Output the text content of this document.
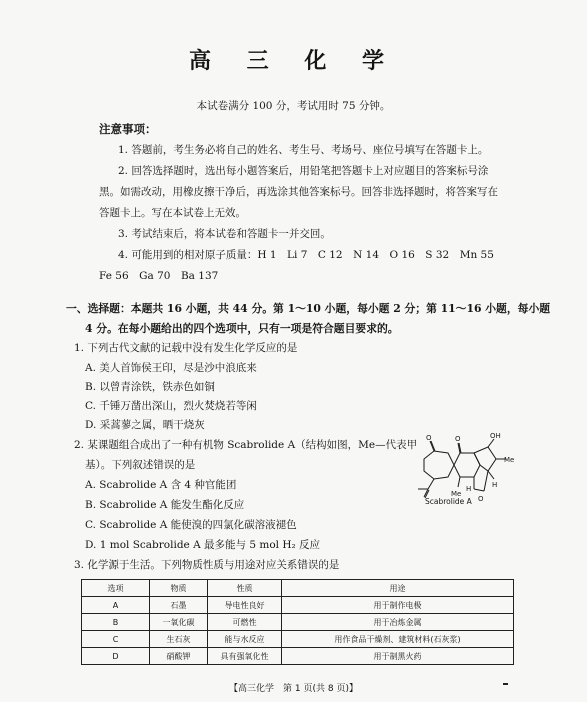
高 三 化 学
本试卷满分 100 分，考试用时 75 分钟。
注意事项：
1. 答题前，考生务必将自己的姓名、考生号、考场号、座位号填写在答题卡上。
2. 回答选择题时，选出每小题答案后，用铅笔把答题卡上对应题目的答案标号涂
黑。如需改动，用橡皮擦干净后，再选涂其他答案标号。回答非选择题时，将答案写在
答题卡上。写在本试卷上无效。
3. 考试结束后，将本试卷和答题卡一并交回。
4. 可能用到的相对原子质量：H 1　Li 7　C 12　N 14　O 16　S 32　Mn 55
Fe 56　Ga 70　Ba 137
一、选择题：本题共 16 小题，共 44 分。第 1～10 小题，每小题 2 分；第 11～16 小题，每小题
4 分。在每小题给出的四个选项中，只有一项是符合题目要求的。
1. 下列古代文献的记载中没有发生化学反应的是
A. 美人首饰侯王印，尽是沙中浪底来
B. 以曾青涂铁，铁赤色如铜
C. 千锤万凿出深山，烈火焚烧若等闲
D. 采蒿蓼之属，晒干烧灰
2. 某课题组合成出了一种有机物 Scabrolide A（结构如图，Me—代表甲
基）。下列叙述错误的是
A. Scabrolide A 含 4 种官能团
B. Scabrolide A 能发生酯化反应
C. Scabrolide A 能使溴的四氯化碳溶液褪色
D. 1 mol Scabrolide A 最多能与 5 mol H₂ 反应
O	O	OH
Me
Me
H	H
O
Scabrolide A
3. 化学源于生活。下列物质性质与用途对应关系错误的是
选项	物质	性质	用途
A	石墨	导电性良好	用于制作电极
B	一氧化碳	可燃性	用于冶炼金属
C	生石灰	能与水反应	用作食品干燥剂、建筑材料(石灰浆)
D	硝酸钾	具有强氧化性	用于制黑火药
【高三化学　第 1 页(共 8 页)】
